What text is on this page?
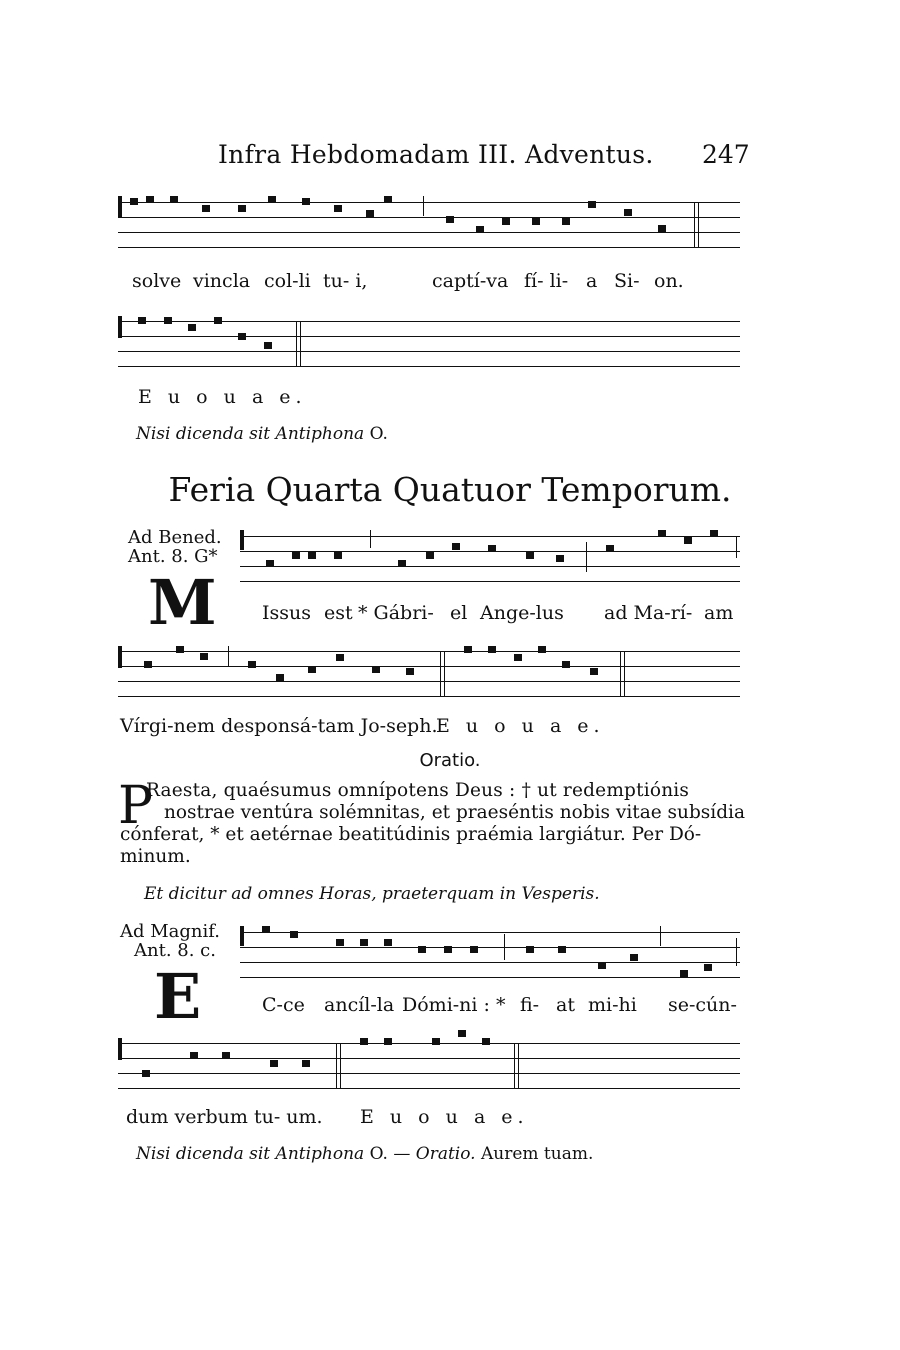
Infra Hebdomadam III. Adventus. 247
solve vincla col-li tu- i,	captí-va fí- li- a Si- on.
E u o u a e.
Nisi dicenda sit Antiphona O.
Feria Quarta Quatuor Temporum.
Ad Bened.
Ant. 8. G*
M Issus est * Gábri- el Ange-lus ad Ma-rí- am
Vírgi-nem desponsá-tam Jo-seph.
E u o u a e.
Oratio.
P
Raesta, quaésumus omnípotens Deus : † ut redemptiónis
nostrae ventúra solémnitas, et praeséntis nobis vitae subsídia
cónferat, * et aetérnae beatitúdinis praémia largiátur. Per Dó-
minum.
Et dicitur ad omnes Horas, praeterquam in Vesperis.
Ad Magnif.
Ant. 8. c.
E	C-ce ancíl-la Dómi-ni : * fi- at mi-hi se-cún-
dum verbum tu- um. E u o u a e.
Nisi dicenda sit Antiphona O. — Oratio. Aurem tuam.
